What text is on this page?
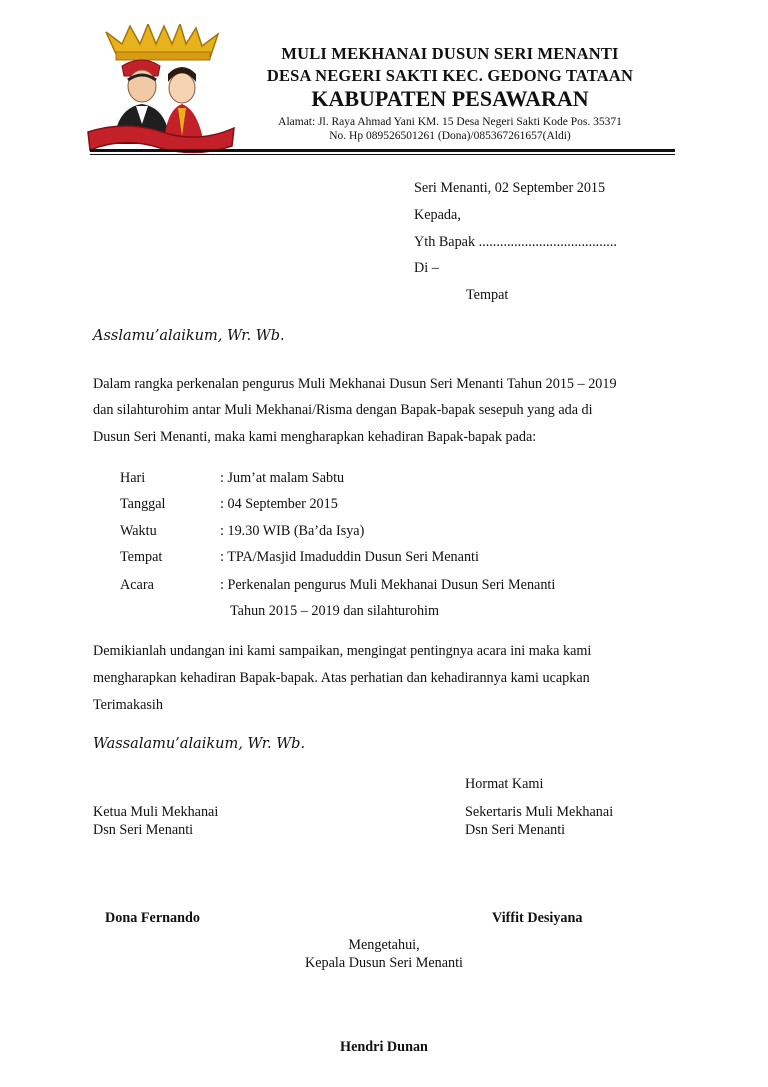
MULI MEKHANAI DUSUN SERI MENANTI
DESA NEGERI SAKTI KEC. GEDONG TATAAN
KABUPATEN PESAWARAN
Alamat: Jl. Raya Ahmad Yani KM. 15 Desa Negeri Sakti Kode Pos. 35371
No. Hp 089526501261 (Dona)/085367261657(Aldi)
Seri Menanti, 02 September 2015
Kepada,
Yth Bapak .......................................
Di –
Tempat
Asslamu’alaikum, Wr. Wb.
Dalam rangka perkenalan pengurus Muli Mekhanai Dusun Seri Menanti Tahun 2015 – 2019
dan silahturohim antar Muli Mekhanai/Risma dengan Bapak-bapak sesepuh yang ada di
Dusun Seri Menanti, maka kami mengharapkan kehadiran Bapak-bapak pada:
Hari	: Jum’at malam Sabtu
Tanggal	: 04 September 2015
Waktu	: 19.30 WIB (Ba’da Isya)
Tempat	: TPA/Masjid Imaduddin Dusun Seri Menanti
Acara	: Perkenalan pengurus Muli Mekhanai Dusun Seri Menanti
Tahun 2015 – 2019 dan silahturohim
Demikianlah undangan ini kami sampaikan, mengingat pentingnya acara ini maka kami
mengharapkan kehadiran Bapak-bapak. Atas perhatian dan kehadirannya kami ucapkan
Terimakasih
Wassalamu’alaikum, Wr. Wb.
Hormat Kami
Ketua Muli Mekhanai
Dsn Seri Menanti
Sekertaris Muli Mekhanai
Dsn Seri Menanti
Dona Fernando	Viffit Desiyana
Mengetahui,
Kepala Dusun Seri Menanti
Hendri Dunan
